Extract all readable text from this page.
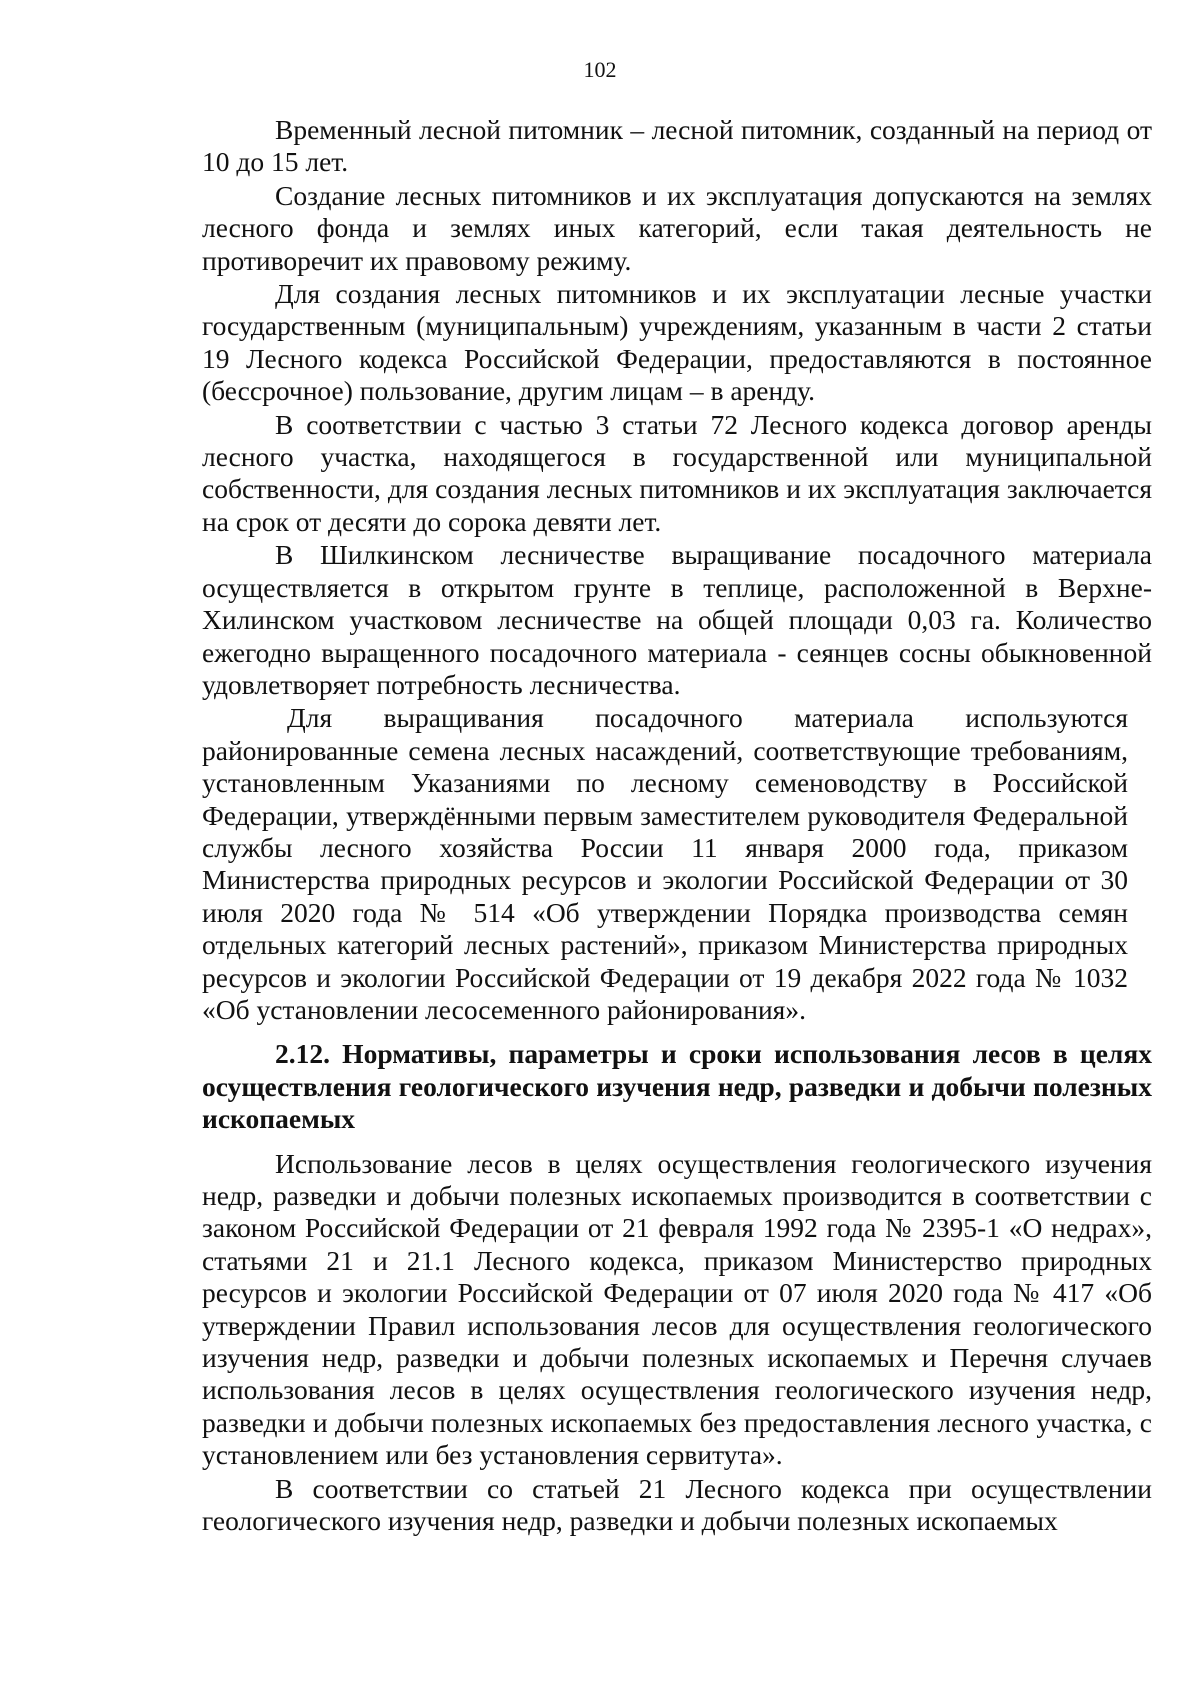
102

Временный лесной питомник – лесной питомник, созданный на период от 10 до 15 лет.

Создание лесных питомников и их эксплуатация допускаются на землях лесного фонда и землях иных категорий, если такая деятельность не противоречит их правовому режиму.

Для создания лесных питомников и их эксплуатации лесные участки государственным (муниципальным) учреждениям, указанным в части 2 статьи 19 Лесного кодекса Российской Федерации, предоставляются в постоянное (бессрочное) пользование, другим лицам – в аренду.

В соответствии с частью 3 статьи 72 Лесного кодекса договор аренды лесного участка, находящегося в государственной или муниципальной собственности, для создания лесных питомников и их эксплуатация заключается на срок от десяти до сорока девяти лет.

В Шилкинском лесничестве выращивание посадочного материала осуществляется в открытом грунте в теплице, расположенной в Верхне-Хилинском участковом лесничестве на общей площади 0,03 га. Количество ежегодно выращенного посадочного материала - сеянцев сосны обыкновенной удовлетворяет потребность лесничества.

Для выращивания посадочного материала используются районированные семена лесных насаждений, соответствующие требованиям, установленным Указаниями по лесному семеноводству в Российской Федерации, утверждёнными первым заместителем руководителя Федеральной службы лесного хозяйства России 11 января 2000 года, приказом Министерства природных ресурсов и экологии Российской Федерации от 30 июля 2020 года № 514 «Об утверждении Порядка производства семян отдельных категорий лесных растений», приказом Министерства природных ресурсов и экологии Российской Федерации от 19 декабря 2022 года № 1032 «Об установлении лесосеменного районирования».

2.12. Нормативы, параметры и сроки использования лесов в целях осуществления геологического изучения недр, разведки и добычи полезных ископаемых

Использование лесов в целях осуществления геологического изучения недр, разведки и добычи полезных ископаемых производится в соответствии с законом Российской Федерации от 21 февраля 1992 года № 2395-1 «О недрах», статьями 21 и 21.1 Лесного кодекса, приказом Министерство природных ресурсов и экологии Российской Федерации от 07 июля 2020 года № 417 «Об утверждении Правил использования лесов для осуществления геологического изучения недр, разведки и добычи полезных ископаемых и Перечня случаев использования лесов в целях осуществления геологического изучения недр, разведки и добычи полезных ископаемых без предоставления лесного участка, с установлением или без установления сервитута».

В соответствии со статьей 21 Лесного кодекса при осуществлении геологического изучения недр, разведки и добычи полезных ископаемых
